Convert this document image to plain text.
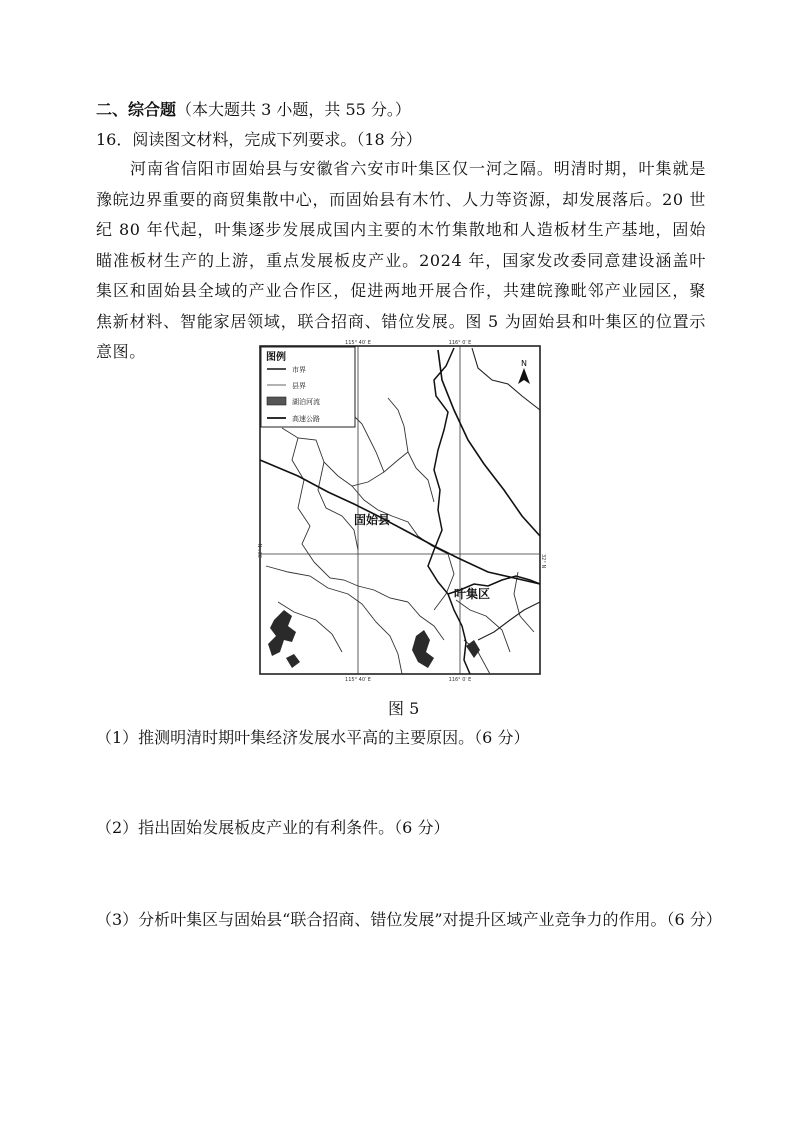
二、综合题（本大题共 3 小题，共 55 分。）
16．阅读图文材料，完成下列要求。（18 分）
河南省信阳市固始县与安徽省六安市叶集区仅一河之隔。明清时期，叶集就是豫皖边界重要的商贸集散中心，而固始县有木竹、人力等资源，却发展落后。20 世纪 80 年代起，叶集逐步发展成国内主要的木竹集散地和人造板材生产基地，固始瞄准板材生产的上游，重点发展板皮产业。2024 年，国家发改委同意建设涵盖叶集区和固始县全域的产业合作区，促进两地开展合作，共建皖豫毗邻产业园区，聚焦新材料、智能家居领域，联合招商、错位发展。图 5 为固始县和叶集区的位置示意图。	115° 40′ E	116° 0′ E
115° 40′ E	116° 0′ E
32° N
32° N
图例
市界
县界
湖泊河流
高速公路
N
固始县
叶集区
图 5
（1）推测明清时期叶集经济发展水平高的主要原因。（6 分）
（2）指出固始发展板皮产业的有利条件。（6 分）
（3）分析叶集区与固始县“联合招商、错位发展”对提升区域产业竞争力的作用。（6 分）
